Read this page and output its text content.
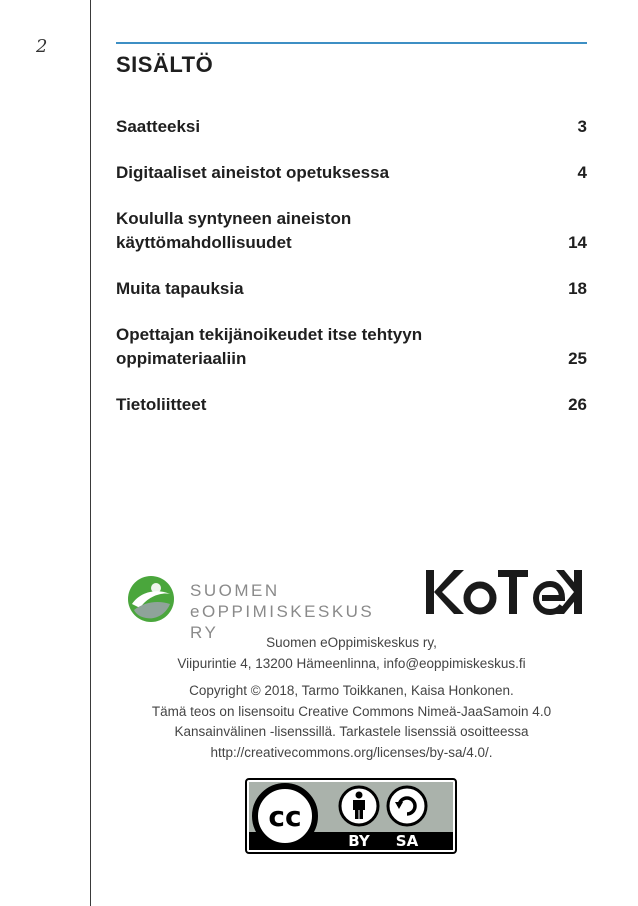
2
SISÄLTÖ
Saatteeksi	3
Digitaaliset aineistot opetuksessa	4
Koululla syntyneen aineiston käyttömahdollisuudet	14
Muita tapauksia	18
Opettajan tekijänoikeudet itse tehtyyn oppimateriaaliin	25
Tietoliitteet	26
SUOMEN
eOPPIMISKESKUS RY
Suomen eOppimiskeskus ry,
Viipurintie 4, 13200 Hämeenlinna, info@eoppimiskeskus.fi
Copyright © 2018, Tarmo Toikkanen, Kaisa Honkonen.
Tämä teos on lisensoitu Creative Commons Nimeä-JaaSamoin 4.0
Kansainvälinen -lisenssillä. Tarkastele lisenssiä osoitteessa
http://creativecommons.org/licenses/by-sa/4.0/.
cc
BY SA
